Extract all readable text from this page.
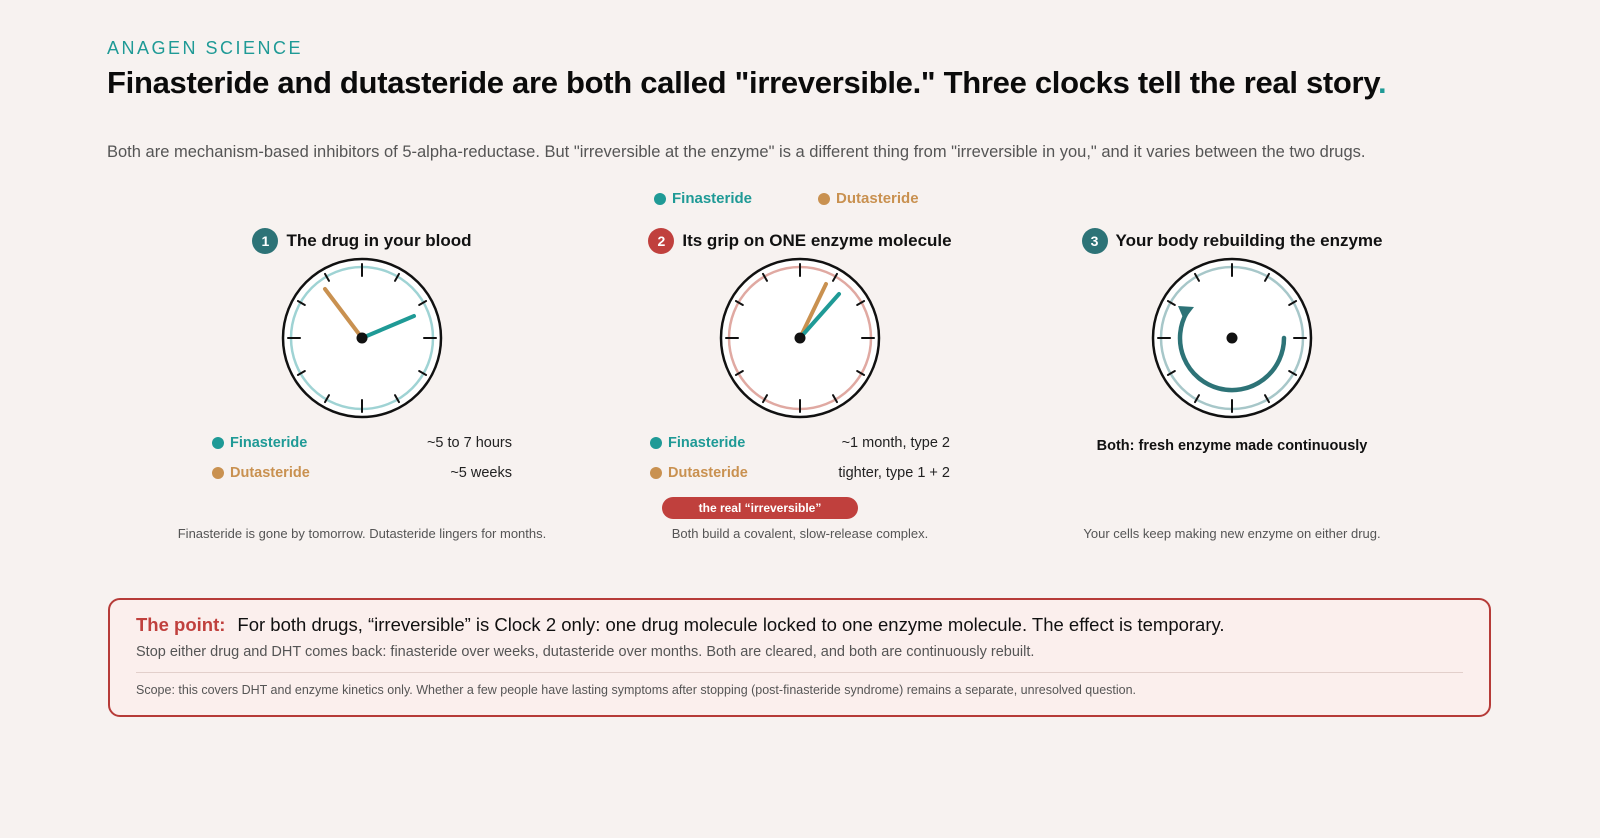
ANAGEN SCIENCE
Finasteride and dutasteride are both called "irreversible." Three clocks tell the real story.

Both are mechanism-based inhibitors of 5-alpha-reductase. But "irreversible at the enzyme" is a different thing from "irreversible in you," and it varies between the two drugs.

Finasteride	Dutasteride
1	The drug in your blood
Finasteride	~5 to 7 hours
Dutasteride	~5 weeks
Finasteride is gone by tomorrow. Dutasteride lingers for months.
2	Its grip on ONE enzyme molecule
Finasteride	~1 month, type 2
Dutasteride	tighter, type 1 + 2
the real “irreversible”
Both build a covalent, slow-release complex.
3	Your body rebuilding the enzyme
Both: fresh enzyme made continuously
Your cells keep making new enzyme on either drug.
The point: For both drugs, “irreversible” is Clock 2 only: one drug molecule locked to one enzyme molecule. The effect is temporary.
Stop either drug and DHT comes back: finasteride over weeks, dutasteride over months. Both are cleared, and both are continuously rebuilt.
Scope: this covers DHT and enzyme kinetics only. Whether a few people have lasting symptoms after stopping (post-finasteride syndrome) remains a separate, unresolved question.
